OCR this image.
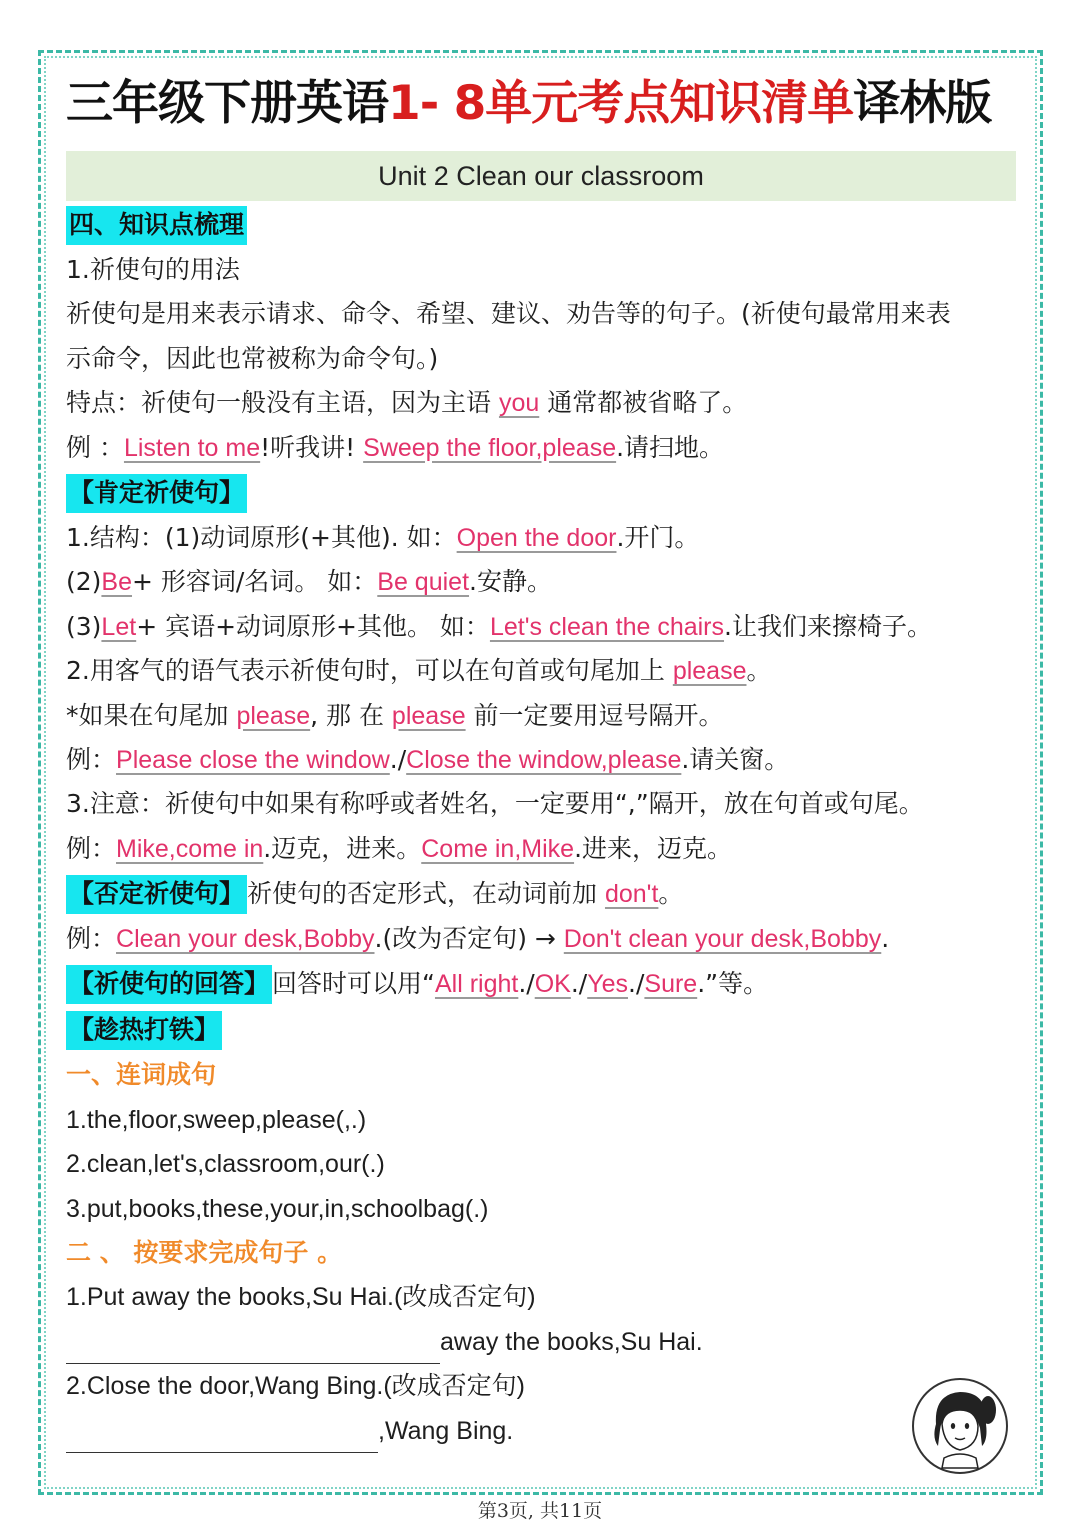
三年级下册英语1- 8单元考点知识清单译林版
Unit 2 Clean our classroom
四、知识点梳理
1.祈使句的用法
祈使句是用来表示请求、命令、希望、建议、劝告等的句子。(祈使句最常用来表
示命令，因此也常被称为命令句。)
特点：祈使句一般没有主语，因为主语 you 通常都被省略了。
例 ：Listen to me!听我讲! Sweep the floor,please.请扫地。
【肯定祈使句】
1.结构：(1)动词原形(+其他). 如：Open the door.开门。
(2)Be+ 形容词/名词。 如：Be quiet.安静。
(3)Let+ 宾语+动词原形+其他。 如：Let's clean the chairs.让我们来擦椅子。
2.用客气的语气表示祈使句时，可以在句首或句尾加上 please。
*如果在句尾加 please, 那 在 please 前一定要用逗号隔开。
例：Please close the window./Close the window,please.请关窗。
3.注意：祈使句中如果有称呼或者姓名，一定要用“,”隔开，放在句首或句尾。
例：Mike,come in.迈克，进来。Come in,Mike.进来，迈克。
【否定祈使句】 祈使句的否定形式，在动词前加 don't。
例：Clean your desk,Bobby.(改为否定句) → Don't clean your desk,Bobby.
【祈使句的回答】 回答时可以用“All right./OK./Yes./Sure.”等。
【趁热打铁】
一、连词成句
1.the,floor,sweep,please(,.)
2.clean,let's,classroom,our(.)
3.put,books,these,your,in,schoolbag(.)
二 、 按要求完成句子 。
1.Put away the books,Su Hai.(改成否定句)
away the books,Su Hai.
2.Close the door,Wang Bing.(改成否定句)
,Wang Bing.
第3页, 共11页
